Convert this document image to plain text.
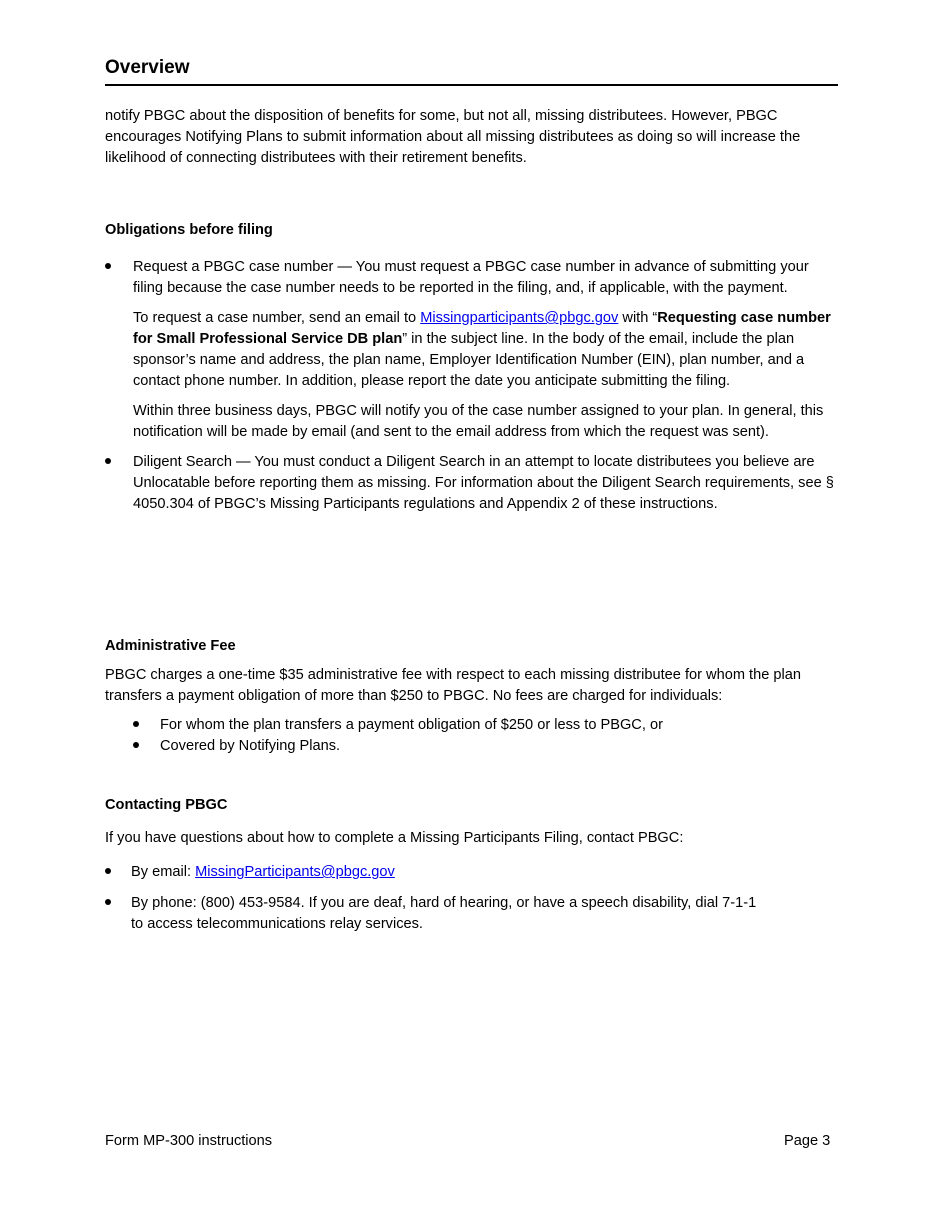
Overview

notify PBGC about the disposition of benefits for some, but not all, missing distributees. However, PBGC encourages Notifying Plans to submit information about all missing distributees as doing so will increase the likelihood of connecting distributees with their retirement benefits.

Obligations before filing

Request a PBGC case number — You must request a PBGC case number in advance of submitting your filing because the case number needs to be reported in the filing, and, if applicable, with the payment.

To request a case number, send an email to Missingparticipants@pbgc.gov with “Requesting case number for Small Professional Service DB plan” in the subject line. In the body of the email, include the plan sponsor’s name and address, the plan name, Employer Identification Number (EIN), plan number, and a contact phone number. In addition, please report the date you anticipate submitting the filing.

Within three business days, PBGC will notify you of the case number assigned to your plan. In general, this notification will be made by email (and sent to the email address from which the request was sent).

Diligent Search — You must conduct a Diligent Search in an attempt to locate distributees you believe are Unlocatable before reporting them as missing. For information about the Diligent Search requirements, see § 4050.304 of PBGC’s Missing Participants regulations and Appendix 2 of these instructions.

Administrative Fee
PBGC charges a one-time $35 administrative fee with respect to each missing distributee for whom the plan transfers a payment obligation of more than $250 to PBGC. No fees are charged for individuals:
For whom the plan transfers a payment obligation of $250 or less to PBGC, or
Covered by Notifying Plans.
Contacting PBGC
If you have questions about how to complete a Missing Participants Filing, contact PBGC:
By email: MissingParticipants@pbgc.gov
By phone: (800) 453-9584. If you are deaf, hard of hearing, or have a speech disability, dial 7-1-1 to access telecommunications relay services.
Form MP-300 instructions	Page 3
